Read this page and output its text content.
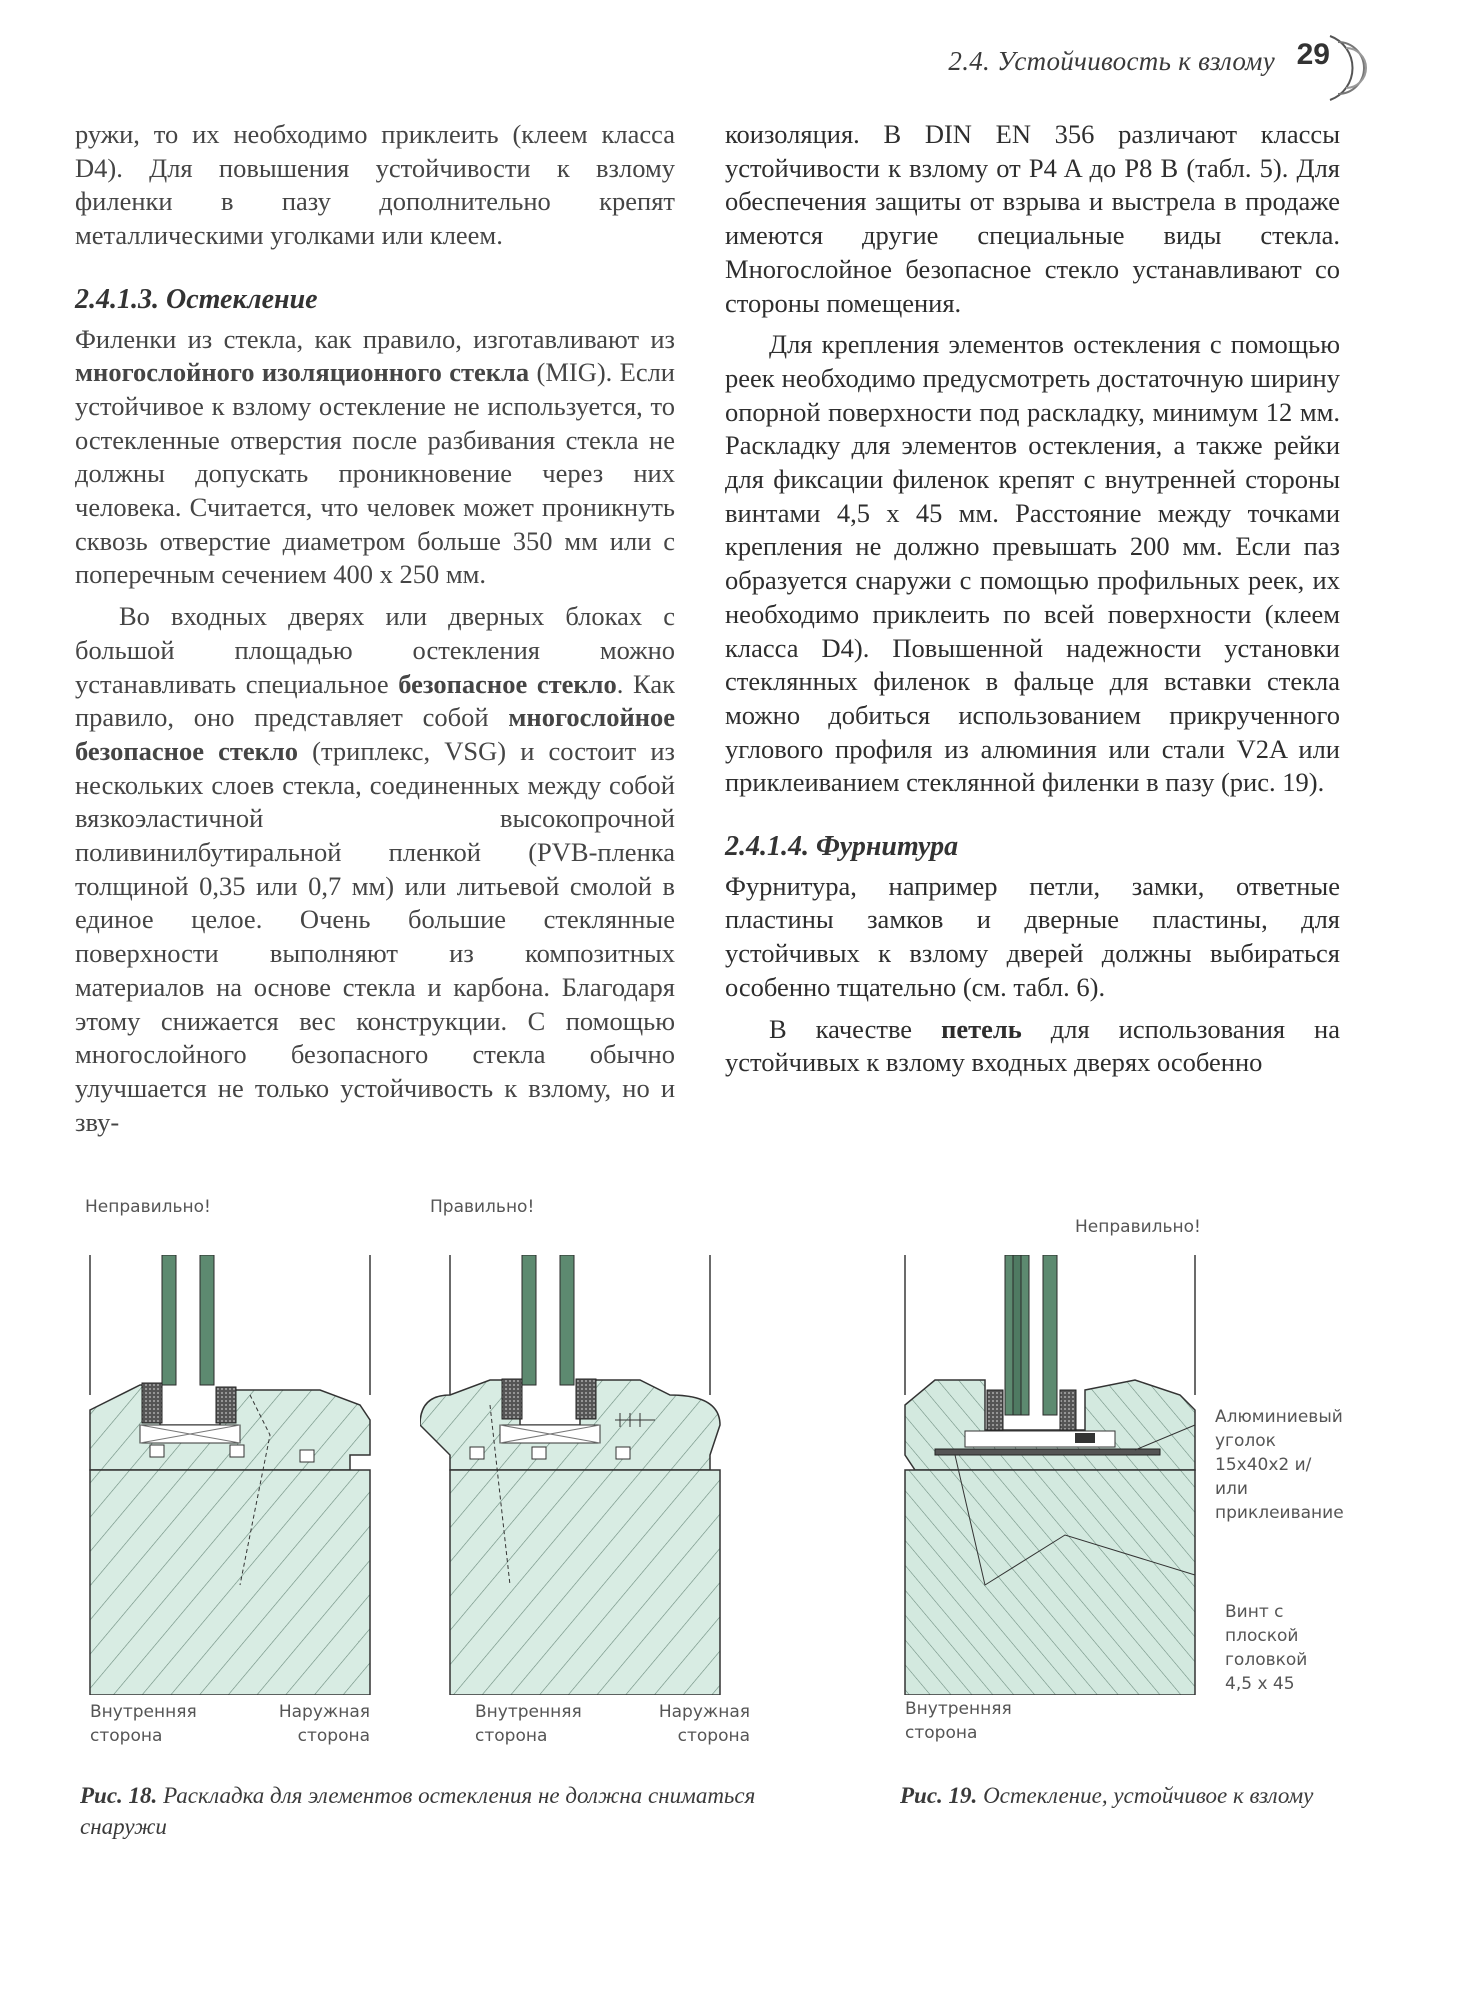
2.4. Устойчивость к взлому 29

ружи, то их необходимо приклеить (клеем класса D4). Для повышения устойчивости к взлому филенки в пазу дополнительно крепят металлическими уголками или клеем.

2.4.1.3. Остекление

Филенки из стекла, как правило, изготавливают из многослойного изоляционного стекла (MIG). Если устойчивое к взлому остекление не используется, то остекленные отверстия после разбивания стекла не должны допускать проникновение через них человека. Считается, что человек может проникнуть сквозь отверстие диаметром больше 350 мм или с поперечным сечением 400 x 250 мм.

Во входных дверях или дверных блоках с большой площадью остекления можно устанавливать специальное безопасное стекло. Как правило, оно представляет собой многослойное безопасное стекло (триплекс, VSG) и состоит из нескольких слоев стекла, соединенных между собой вязкоэластичной высокопрочной поливинилбутиральной пленкой (PVB-пленка толщиной 0,35 или 0,7 мм) или литьевой смолой в единое целое. Очень большие стеклянные поверхности выполняют из композитных материалов на основе стекла и карбона. Благодаря этому снижается вес конструкции. С помощью многослойного безопасного стекла обычно улучшается не только устойчивость к взлому, но и зву-

коизоляция. В DIN EN 356 различают классы устойчивости к взлому от P4 A до P8 B (табл. 5). Для обеспечения защиты от взрыва и выстрела в продаже имеются другие специальные виды стекла. Многослойное безопасное стекло устанавливают со стороны помещения.

Для крепления элементов остекления с помощью реек необходимо предусмотреть достаточную ширину опорной поверхности под раскладку, минимум 12 мм. Раскладку для элементов остекления, а также рейки для фиксации филенок крепят с внутренней стороны винтами 4,5 x 45 мм. Расстояние между точками крепления не должно превышать 200 мм. Если паз образуется снаружи с помощью профильных реек, их необходимо приклеить по всей поверхности (клеем класса D4). Повышенной надежности установки стеклянных филенок в фальце для вставки стекла можно добиться использованием прикрученного углового профиля из алюминия или стали V2A или приклеиванием стеклянной филенки в пазу (рис. 19).

2.4.1.4. Фурнитура

Фурнитура, например петли, замки, ответные пластины замков и дверные пластины, для устойчивых к взлому дверей должны выбираться особенно тщательно (см. табл. 6).

В качестве петель для использования на устойчивых к взлому входных дверях особенно

Неправильно!	Правильно!
Внутренняя сторона
Наружная сторона
Внутренняя сторона
Наружная сторона
Рис. 18. Раскладка для элементов остекления не должна сниматься снаружи
Неправильно!
Алюминиевый уголок 15x40x2 и/или приклеивание
Винт с плоской головкой 4,5 x 45
Внутренняя сторона
Рис. 19. Остекление, устойчивое к взлому
